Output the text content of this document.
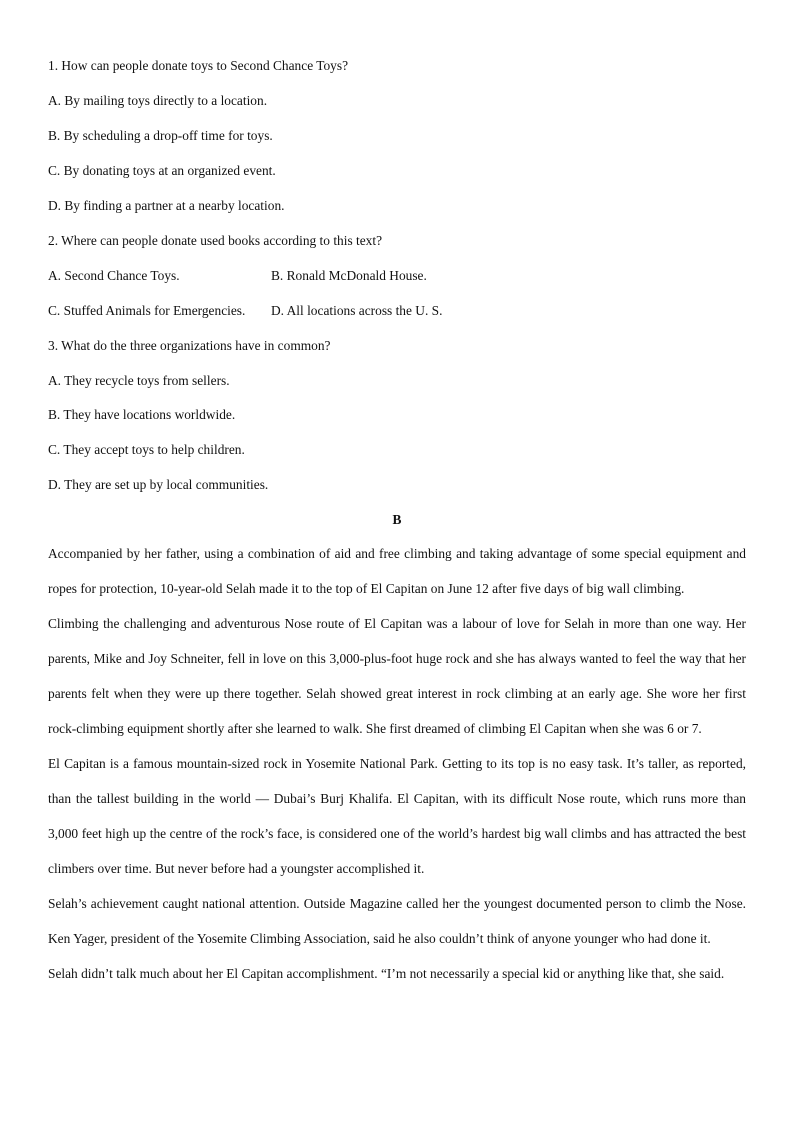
1. How can people donate toys to Second Chance Toys?
A. By mailing toys directly to a location.
B. By scheduling a drop-off time for toys.
C. By donating toys at an organized event.
D. By finding a partner at a nearby location.
2. Where can people donate used books according to this text?
A. Second Chance Toys.	B. Ronald McDonald House.
C. Stuffed Animals for Emergencies. D. All locations across the U. S.
3. What do the three organizations have in common?
A. They recycle toys from sellers.
B. They have locations worldwide.
C. They accept toys to help children.
D. They are set up by local communities.
B

Accompanied by her father, using a combination of aid and free climbing and taking advantage of some special equipment and ropes for protection, 10-year-old Selah made it to the top of El Capitan on June 12 after five days of big wall climbing.

Climbing the challenging and adventurous Nose route of El Capitan was a labour of love for Selah in more than one way. Her parents, Mike and Joy Schneiter, fell in love on this 3,000-plus-foot huge rock and she has always wanted to feel the way that her parents felt when they were up there together. Selah showed great interest in rock climbing at an early age. She wore her first rock-climbing equipment shortly after she learned to walk. She first dreamed of climbing El Capitan when she was 6 or 7.

El Capitan is a famous mountain-sized rock in Yosemite National Park. Getting to its top is no easy task. It’s taller, as reported, than the tallest building in the world — Dubai’s Burj Khalifa. El Capitan, with its difficult Nose route, which runs more than 3,000 feet high up the centre of the rock’s face, is considered one of the world’s hardest big wall climbs and has attracted the best climbers over time. But never before had a youngster accomplished it.

Selah’s achievement caught national attention. Outside Magazine called her the youngest documented person to climb the Nose. Ken Yager, president of the Yosemite Climbing Association, said he also couldn’t think of anyone younger who had done it.

Selah didn’t talk much about her El Capitan accomplishment. “I’m not necessarily a special kid or anything like that, she said.
